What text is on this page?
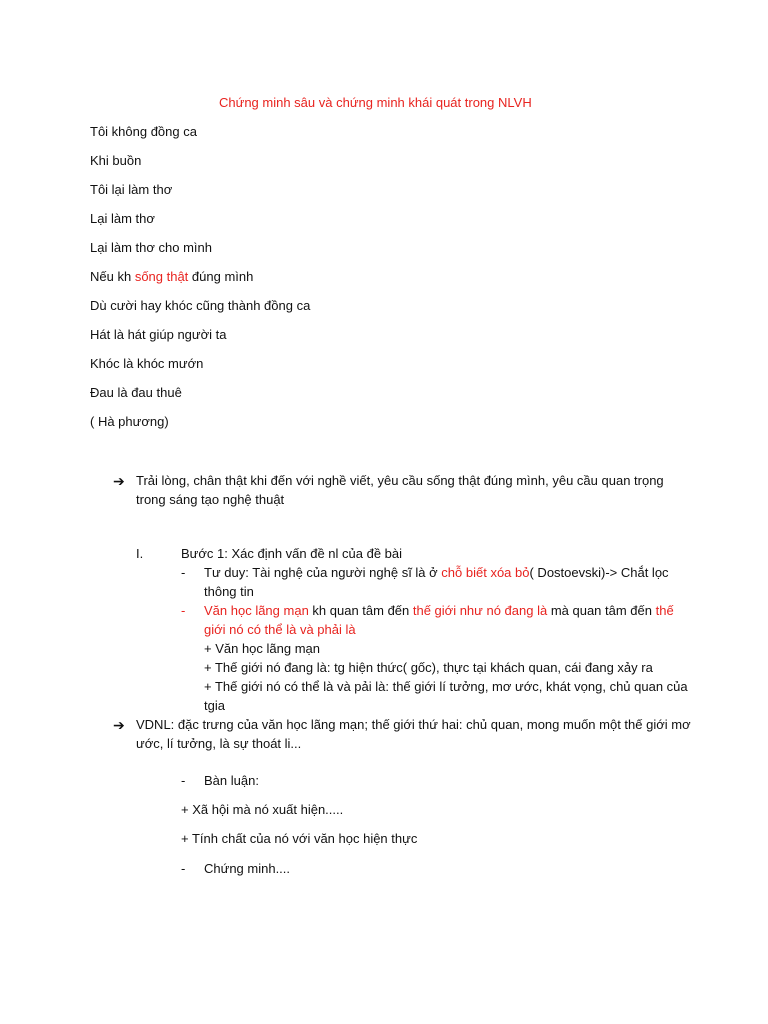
Chứng minh sâu và chứng minh khái quát trong NLVH
Tôi không đồng ca
Khi buồn
Tôi lại làm thơ
Lại làm thơ
Lại làm thơ cho mình
Nếu kh sống thật đúng mình
Dù cười hay khóc cũng thành đồng ca
Hát là hát giúp người ta
Khóc là khóc mướn
Đau là đau thuê
( Hà phương)
➔ Trải lòng, chân thật khi đến với nghề viết, yêu cầu sống thật đúng mình, yêu cầu quan trọng
trong sáng tạo nghệ thuật
I.	Bước 1: Xác định vấn đề nl của đề bài
- Tư duy: Tài nghệ của người nghệ sĩ là ở chỗ biết xóa bỏ( Dostoevski)-> Chắt lọc
thông tin
- Văn học lãng mạn kh quan tâm đến thế giới như nó đang là mà quan tâm đến thế
giới nó có thể là và phải là
+ Văn học lãng mạn
+ Thế giới nó đang là: tg hiện thức( gốc), thực tại khách quan, cái đang xảy ra
+ Thế giới nó có thể là và pải là: thế giới lí tưởng, mơ ước, khát vọng, chủ quan của
tgia
➔ VDNL: đặc trưng của văn học lãng mạn; thế giới thứ hai: chủ quan, mong muốn một thế giới mơ
ước, lí tưởng, là sự thoát li...
- Bàn luận:
+ Xã hội mà nó xuất hiện.....
+ Tính chất của nó với văn học hiện thực
- Chứng minh....
